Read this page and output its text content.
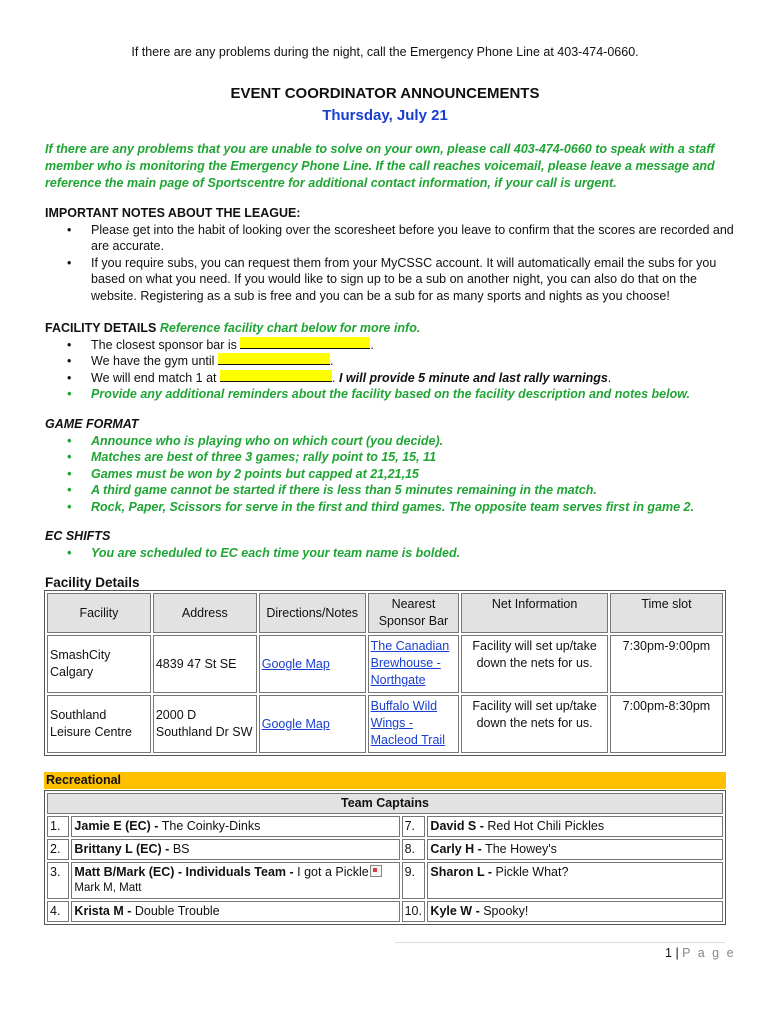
If there are any problems during the night, call the Emergency Phone Line at 403-474-0660.
EVENT COORDINATOR ANNOUNCEMENTS
Thursday, July 21
If there are any problems that you are unable to solve on your own, please call 403-474-0660 to speak with a staff member who is monitoring the Emergency Phone Line. If the call reaches voicemail, please leave a message and reference the main page of Sportscentre for additional contact information, if your call is urgent.
IMPORTANT NOTES ABOUT THE LEAGUE:
• Please get into the habit of looking over the scoresheet before you leave to confirm that the scores are recorded and are accurate.
• If you require subs, you can request them from your MyCSSC account. It will automatically email the subs for you based on what you need. If you would like to sign up to be a sub on another night, you can also do that on the website. Registering as a sub is free and you can be a sub for as many sports and nights as you choose!
FACILITY DETAILS Reference facility chart below for more info.
• The closest sponsor bar is	.
• We have the gym until	.
• We will end match 1 at	. I will provide 5 minute and last rally warnings.
• Provide any additional reminders about the facility based on the facility description and notes below.
GAME FORMAT
• Announce who is playing who on which court (you decide).
• Matches are best of three 3 games; rally point to 15, 15, 11
• Games must be won by 2 points but capped at 21,21,15
• A third game cannot be started if there is less than 5 minutes remaining in the match.
• Rock, Paper, Scissors for serve in the first and third games. The opposite team serves first in game 2.
EC SHIFTS
• You are scheduled to EC each time your team name is bolded.
Facility Details
Facility	Address	Directions/Notes	Nearest Sponsor Bar	Net Information	Time slot
SmashCity Calgary	4839 47 St SE	Google Map	The Canadian Brewhouse - Northgate	Facility will set up/take down the nets for us.	7:30pm-9:00pm
Southland Leisure Centre	2000 D Southland Dr SW	Google Map	Buffalo Wild Wings - Macleod Trail	Facility will set up/take down the nets for us.	7:00pm-8:30pm
Recreational
Team Captains			
1.	Jamie E (EC) - The Coinky-Dinks	7.	David S - Red Hot Chili Pickles
2.	Brittany L (EC) - BS	8.	Carly H - The Howey's
3.	Matt B/Mark (EC) - Individuals Team - I got a Pickle
Mark M, Matt	9.	Sharon L - Pickle What?
4.	Krista M - Double Trouble	10.	Kyle W - Spooky!
1 | P a g e
